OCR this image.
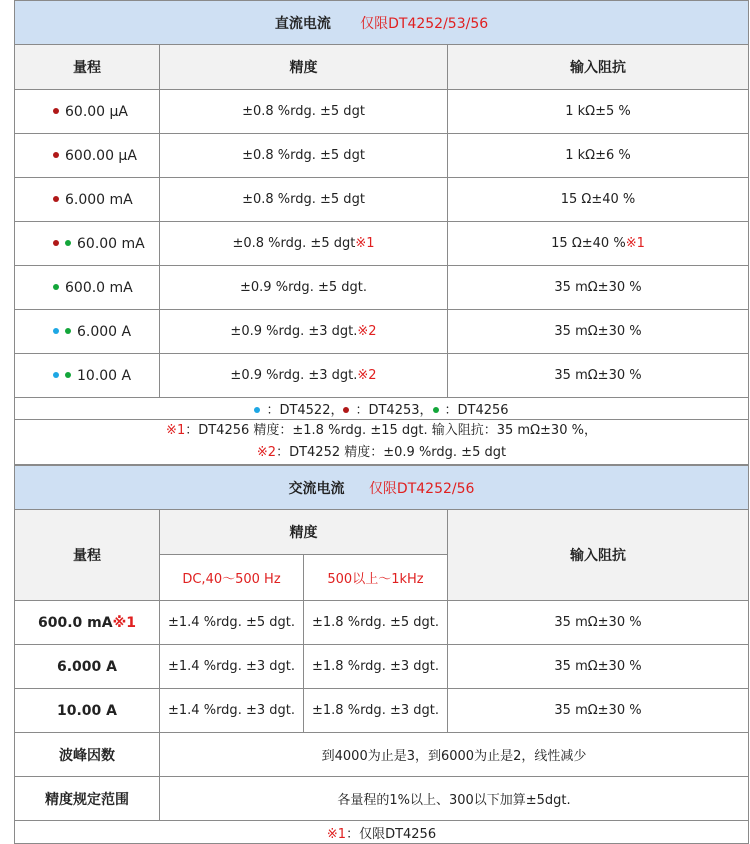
直流电流 仅限DT4252/53/56		
量程	精度	输入阻抗
60.00 μA	±0.8 %rdg. ±5 dgt	1 kΩ±5 %
600.00 μA	±0.8 %rdg. ±5 dgt	1 kΩ±6 %
6.000 mA	±0.8 %rdg. ±5 dgt	15 Ω±40 %
60.00 mA	±0.8 %rdg. ±5 dgt※1	15 Ω±40 %※1
600.0 mA	±0.9 %rdg. ±5 dgt.	35 mΩ±30 %
6.000 A	±0.9 %rdg. ±3 dgt.※2	35 mΩ±30 %
10.00 A	±0.9 %rdg. ±3 dgt.※2	35 mΩ±30 %
：DT4522， ：DT4253， ：DT4256		

※1：DT4256 精度：±1.8 %rdg. ±15 dgt. 输入阻抗：35 mΩ±30 %，
※2：DT4252 精度：±0.9 %rdg. ±5 dgt		
交流电流 仅限DT4252/56			
量程	精度		输入阻抗
	DC,40～500 Hz	500以上～1kHz	
600.0 mA※1	±1.4 %rdg. ±5 dgt.	±1.8 %rdg. ±5 dgt.	35 mΩ±30 %
6.000 A	±1.4 %rdg. ±3 dgt.	±1.8 %rdg. ±3 dgt.	35 mΩ±30 %
10.00 A	±1.4 %rdg. ±3 dgt.	±1.8 %rdg. ±3 dgt.	35 mΩ±30 %
波峰因数	到4000为止是3，到6000为止是2，线性减少		
精度规定范围	各量程的1%以上、300以下加算±5dgt.		
※1：仅限DT4256			
